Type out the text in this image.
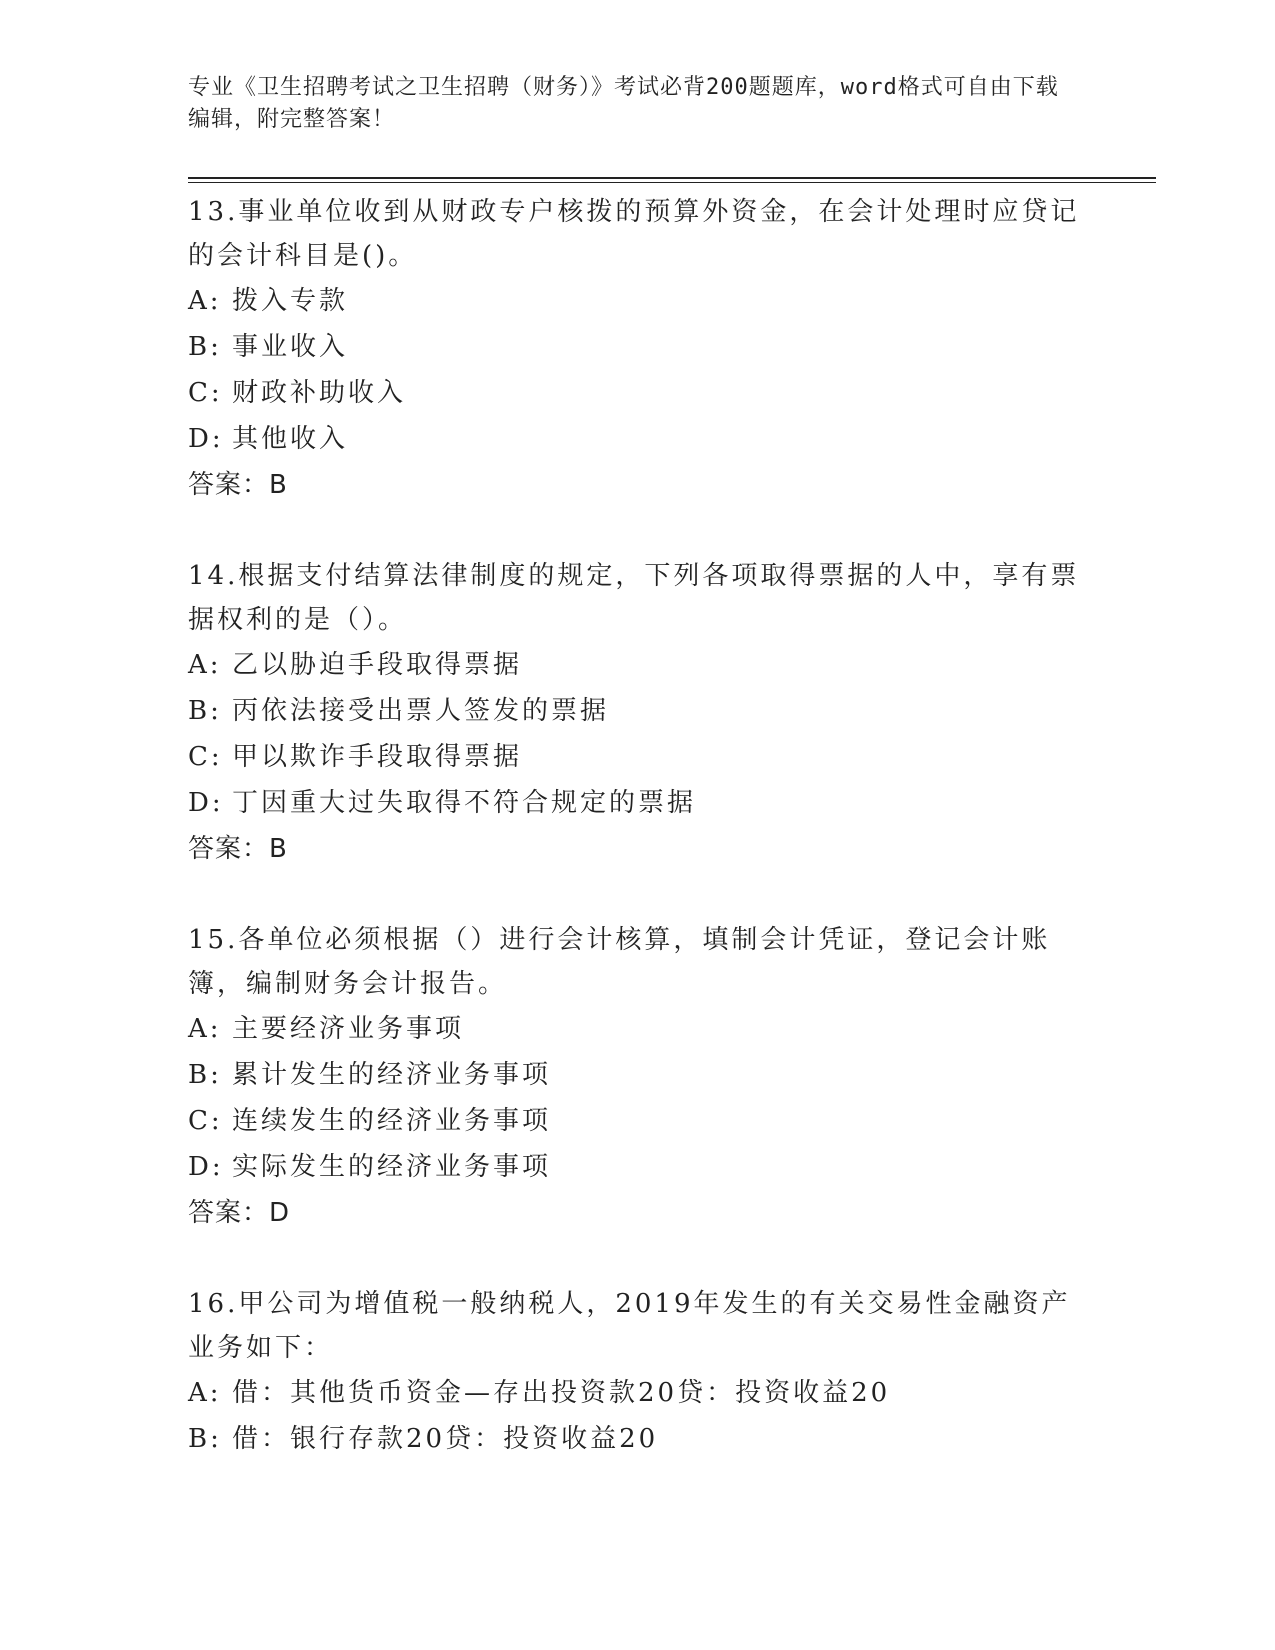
专业《卫生招聘考试之卫生招聘（财务）》考试必背200题题库，word格式可自由下载编辑，附完整答案！
13.事业单位收到从财政专户核拨的预算外资金，在会计处理时应贷记的会计科目是()。
A: 拨入专款
B: 事业收入
C: 财政补助收入
D: 其他收入
答案：B
14.根据支付结算法律制度的规定，下列各项取得票据的人中，享有票据权利的是（）。
A: 乙以胁迫手段取得票据
B: 丙依法接受出票人签发的票据
C: 甲以欺诈手段取得票据
D: 丁因重大过失取得不符合规定的票据
答案：B
15.各单位必须根据（）进行会计核算，填制会计凭证，登记会计账簿，编制财务会计报告。
A: 主要经济业务事项
B: 累计发生的经济业务事项
C: 连续发生的经济业务事项
D: 实际发生的经济业务事项
答案：D
16.甲公司为增值税一般纳税人，2019年发生的有关交易性金融资产业务如下：
A: 借：其他货币资金—存出投资款20贷：投资收益20
B: 借：银行存款20贷：投资收益20
